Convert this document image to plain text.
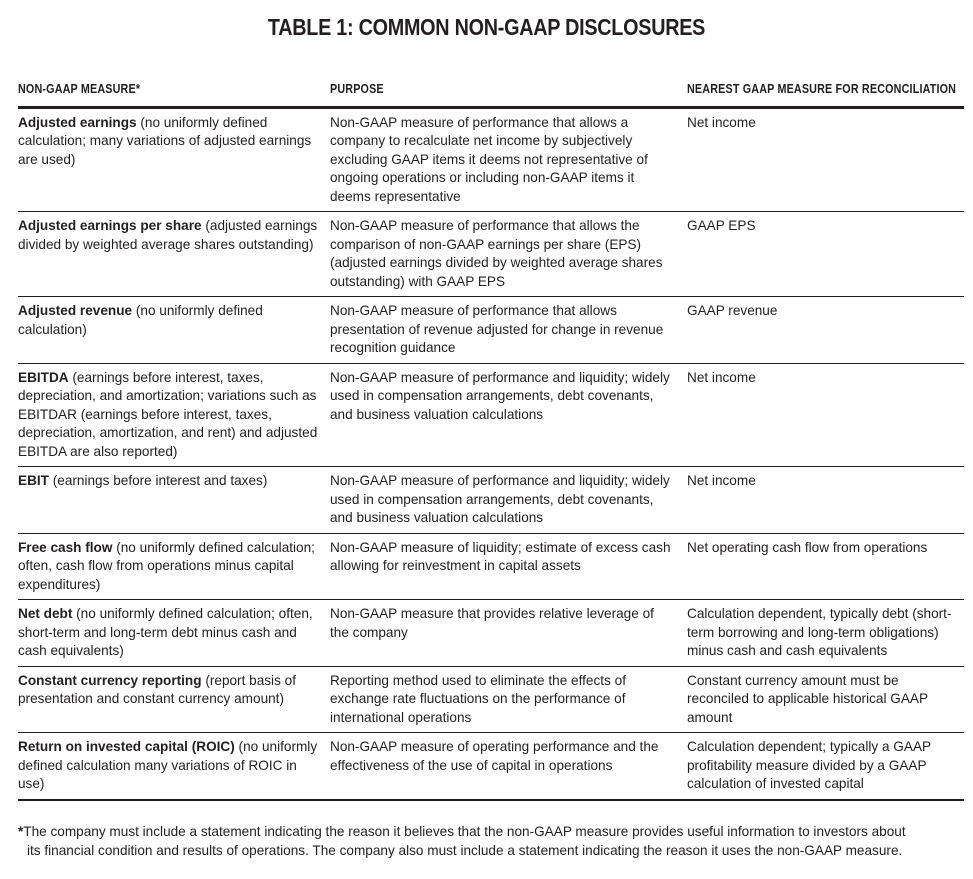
TABLE 1: COMMON NON-GAAP DISCLOSURES
NON-GAAP MEASURE*	PURPOSE	NEAREST GAAP MEASURE FOR RECONCILIATION
Adjusted earnings (no uniformly defined calculation; many variations of adjusted earnings are used)	Non-GAAP measure of performance that allows a company to recalculate net income by subjectively excluding GAAP items it deems not representative of ongoing operations or including non-GAAP items it deems representative	Net income
Adjusted earnings per share (adjusted earnings divided by weighted average shares outstanding)	Non-GAAP measure of performance that allows the comparison of non-GAAP earnings per share (EPS) (adjusted earnings divided by weighted average shares outstanding) with GAAP EPS	GAAP EPS
Adjusted revenue (no uniformly defined calculation)	Non-GAAP measure of performance that allows presentation of revenue adjusted for change in revenue recognition guidance	GAAP revenue
EBITDA (earnings before interest, taxes, depreciation, and amortization; variations such as EBITDAR (earnings before interest, taxes, depreciation, amortization, and rent) and adjusted EBITDA are also reported)	Non-GAAP measure of performance and liquidity; widely used in compensation arrangements, debt covenants, and business valuation calculations	Net income
EBIT (earnings before interest and taxes)	Non-GAAP measure of performance and liquidity; widely used in compensation arrangements, debt covenants, and business valuation calculations	Net income
Free cash flow (no uniformly defined calculation; often, cash flow from operations minus capital expenditures)	Non-GAAP measure of liquidity; estimate of excess cash allowing for reinvestment in capital assets	Net operating cash flow from operations
Net debt (no uniformly defined calculation; often, short-term and long-term debt minus cash and cash equivalents)	Non-GAAP measure that provides relative leverage of the company	Calculation dependent, typically debt (short-term borrowing and long-term obligations) minus cash and cash equivalents
Constant currency reporting (report basis of presentation and constant currency amount)	Reporting method used to eliminate the effects of exchange rate fluctuations on the performance of international operations	Constant currency amount must be reconciled to applicable historical GAAP amount
Return on invested capital (ROIC) (no uniformly defined calculation many variations of ROIC in use)	Non-GAAP measure of operating performance and the effectiveness of the use of capital in operations	Calculation dependent; typically a GAAP profitability measure divided by a GAAP calculation of invested capital
*The company must include a statement indicating the reason it believes that the non-GAAP measure provides useful information to investors about
its financial condition and results of operations. The company also must include a statement indicating the reason it uses the non-GAAP measure.
